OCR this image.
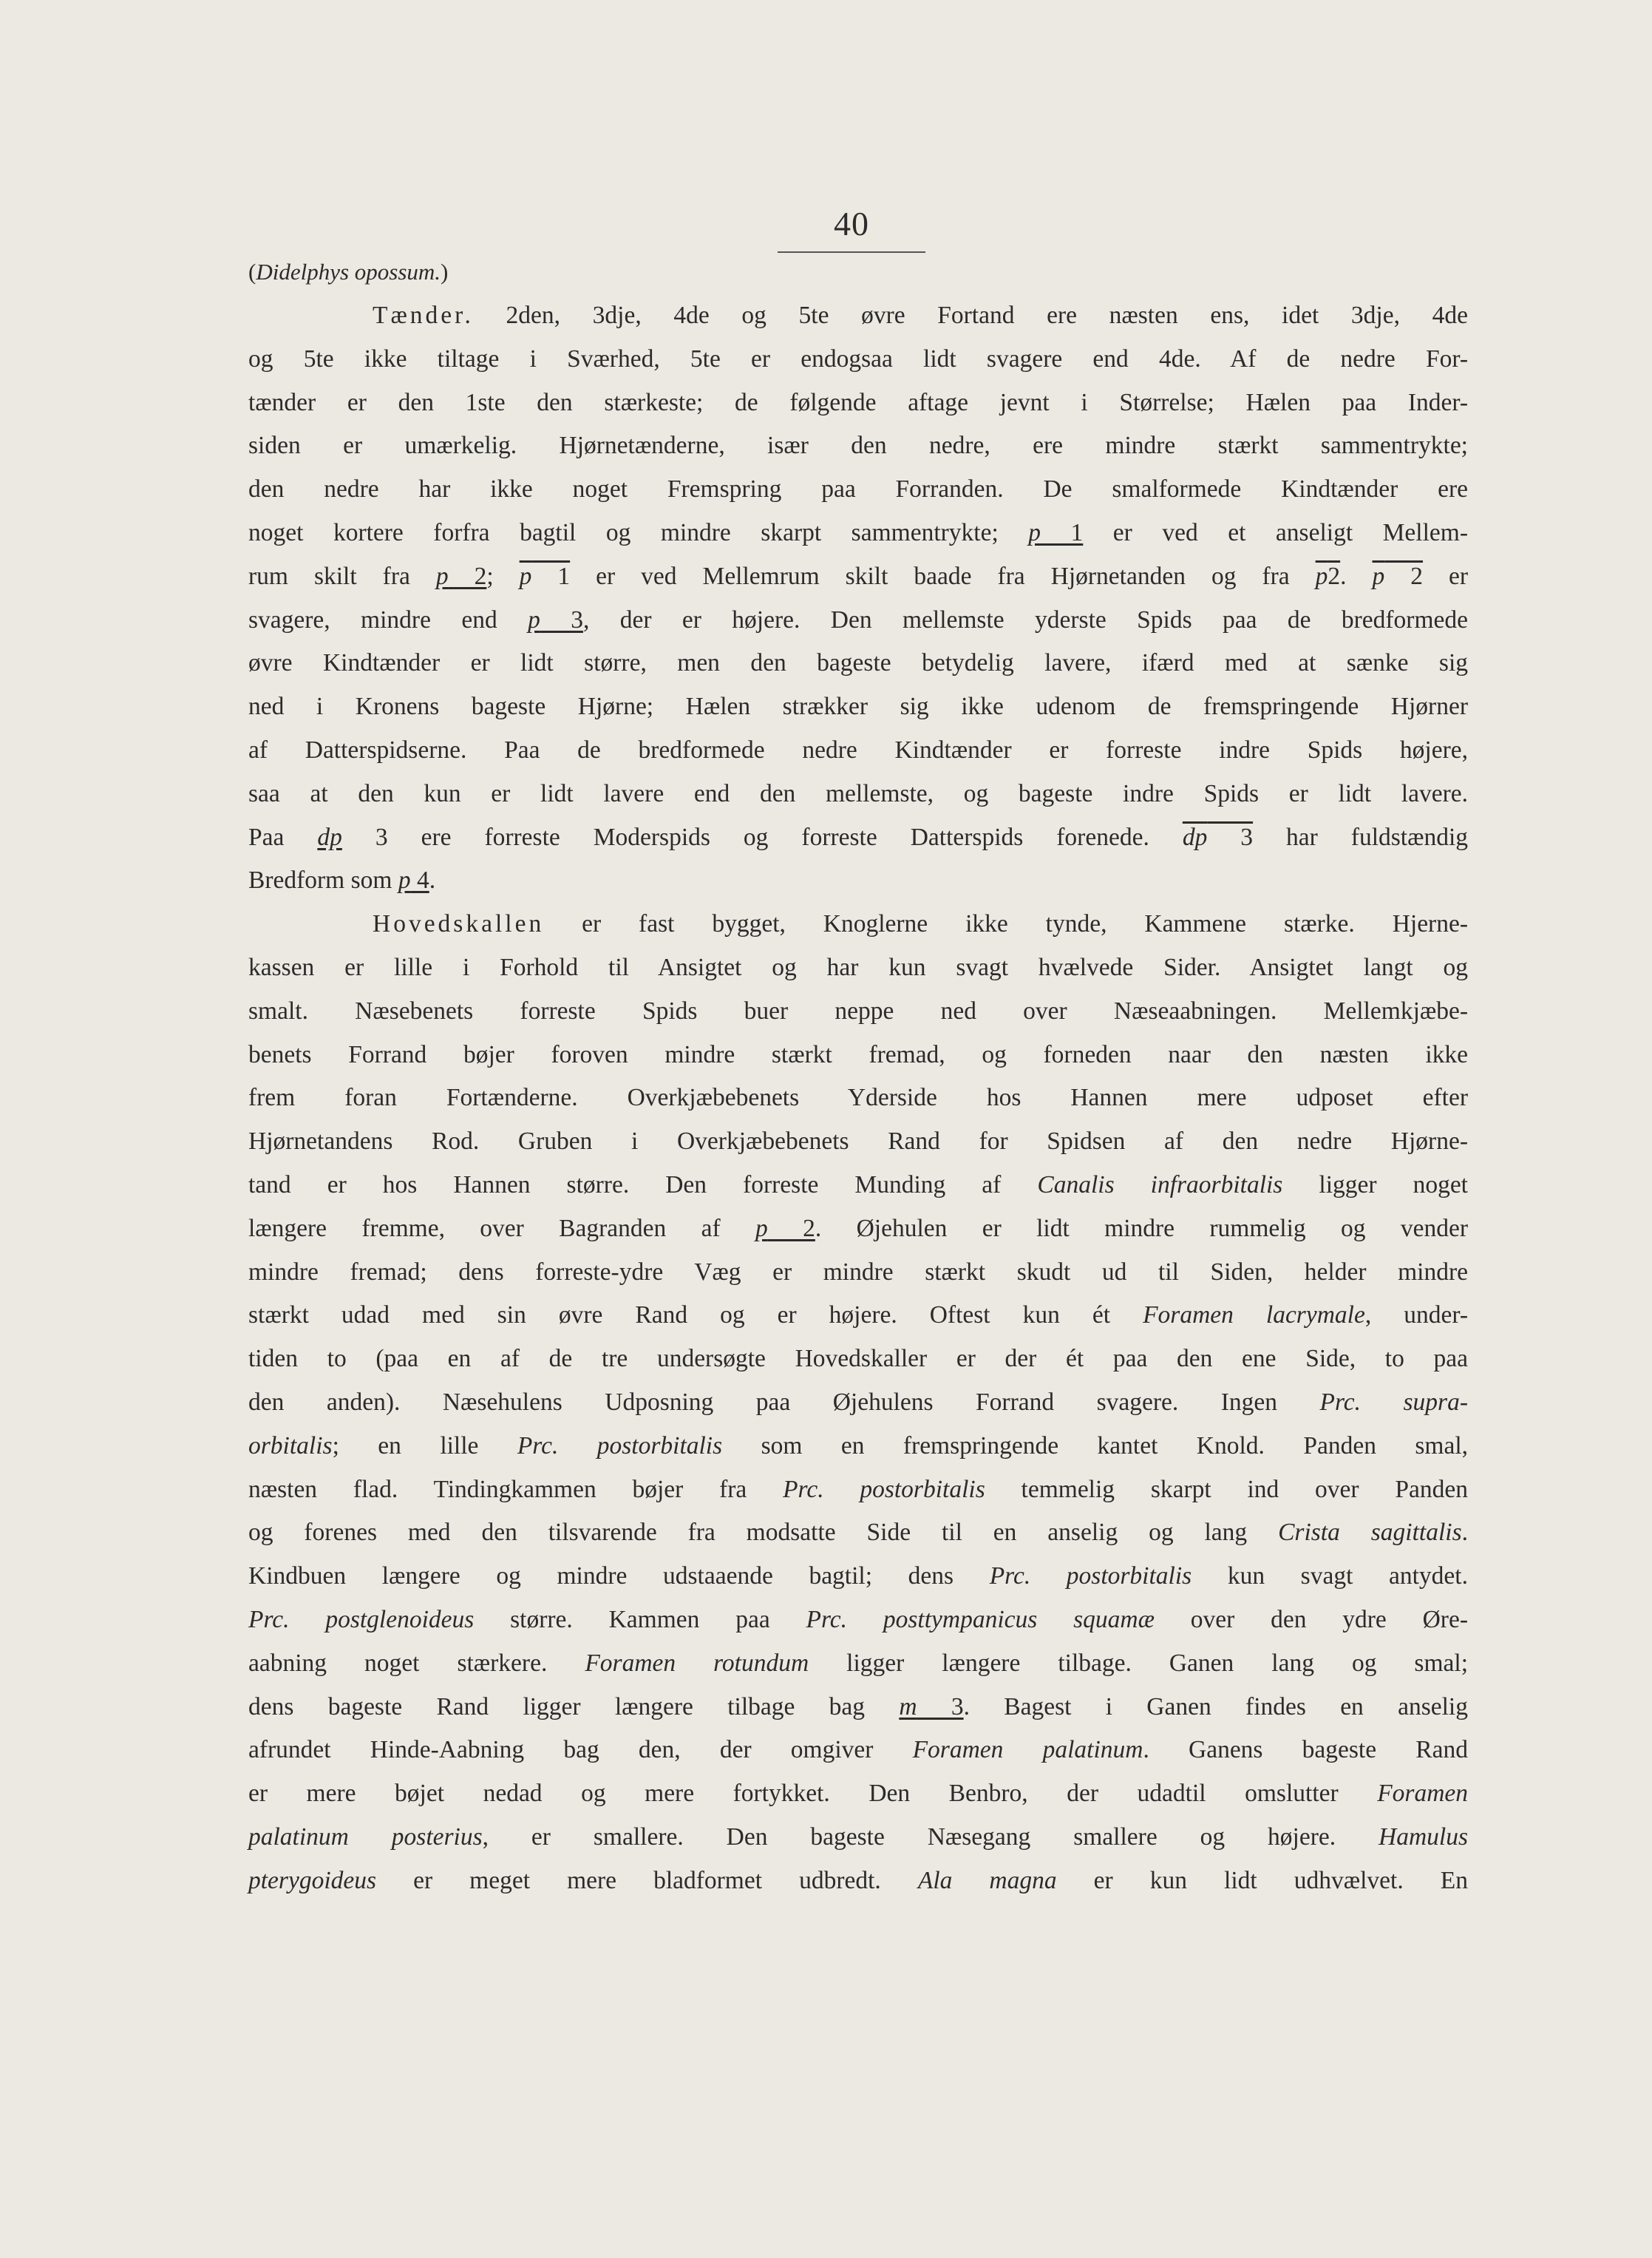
40
(Didelphys opossum.)
Tænder. 2den, 3dje, 4de og 5te øvre Fortand ere næsten ens, idet 3dje, 4de
og 5te ikke tiltage i Sværhed, 5te er endogsaa lidt svagere end 4de. Af de nedre For-
tænder er den 1ste den stærkeste; de følgende aftage jevnt i Størrelse; Hælen paa Inder-
siden er umærkelig. Hjørnetænderne, især den nedre, ere mindre stærkt sammentrykte;
den nedre har ikke noget Fremspring paa Forranden. De smalformede Kindtænder ere
noget kortere forfra bagtil og mindre skarpt sammentrykte; p 1 er ved et anseligt Mellem-
rum skilt fra p 2; $\overline{p}$ 1 er ved Mellemrum skilt baade fra Hjørnetanden og fra $\overline{p}2$. $\overline{p}$ 2 er
svagere, mindre end p 3, der er højere. Den mellemste yderste Spids paa de bredformede
øvre Kindtænder er lidt større, men den bageste betydelig lavere, ifærd med at sænke sig
ned i Kronens bageste Hjørne; Hælen strækker sig ikke udenom de fremspringende Hjørner
af Datterspidserne. Paa de bredformede nedre Kindtænder er forreste indre Spids højere,
saa at den kun er lidt lavere end den mellemste, og bageste indre Spids er lidt lavere.
Paa dp 3 ere forreste Moderspids og forreste Datterspids forenede. $\overline{dp}$ 3 har fuldstændig
Bredform som p 4.
Hovedskallen er fast bygget, Knoglerne ikke tynde, Kammene stærke. Hjerne-
kassen er lille i Forhold til Ansigtet og har kun svagt hvælvede Sider. Ansigtet langt og
smalt. Næsebenets forreste Spids buer neppe ned over Næseaabningen. Mellemkjæbe-
benets Forrand bøjer foroven mindre stærkt fremad, og forneden naar den næsten ikke
frem foran Fortænderne. Overkjæbebenets Yderside hos Hannen mere udposet efter
Hjørnetandens Rod. Gruben i Overkjæbebenets Rand for Spidsen af den nedre Hjørne-
tand er hos Hannen større. Den forreste Munding af Canalis infraorbitalis ligger noget
længere fremme, over Bagranden af p 2. Øjehulen er lidt mindre rummelig og vender
mindre fremad; dens forreste-ydre Væg er mindre stærkt skudt ud til Siden, helder mindre
stærkt udad med sin øvre Rand og er højere. Oftest kun ét Foramen lacrymale, under-
tiden to (paa en af de tre undersøgte Hovedskaller er der ét paa den ene Side, to paa
den anden). Næsehulens Udposning paa Øjehulens Forrand svagere. Ingen Prc. supra-
orbitalis; en lille Prc. postorbitalis som en fremspringende kantet Knold. Panden smal,
næsten flad. Tindingkammen bøjer fra Prc. postorbitalis temmelig skarpt ind over Panden
og forenes med den tilsvarende fra modsatte Side til en anselig og lang Crista sagittalis.
Kindbuen længere og mindre udstaaende bagtil; dens Prc. postorbitalis kun svagt antydet.
Prc. postglenoideus større. Kammen paa Prc. posttympanicus squamæ over den ydre Øre-
aabning noget stærkere. Foramen rotundum ligger længere tilbage. Ganen lang og smal;
dens bageste Rand ligger længere tilbage bag m 3. Bagest i Ganen findes en anselig
afrundet Hinde-Aabning bag den, der omgiver Foramen palatinum. Ganens bageste Rand
er mere bøjet nedad og mere fortykket. Den Benbro, der udadtil omslutter Foramen
palatinum posterius, er smallere. Den bageste Næsegang smallere og højere. Hamulus
pterygoideus er meget mere bladformet udbredt. Ala magna er kun lidt udhvælvet. En
